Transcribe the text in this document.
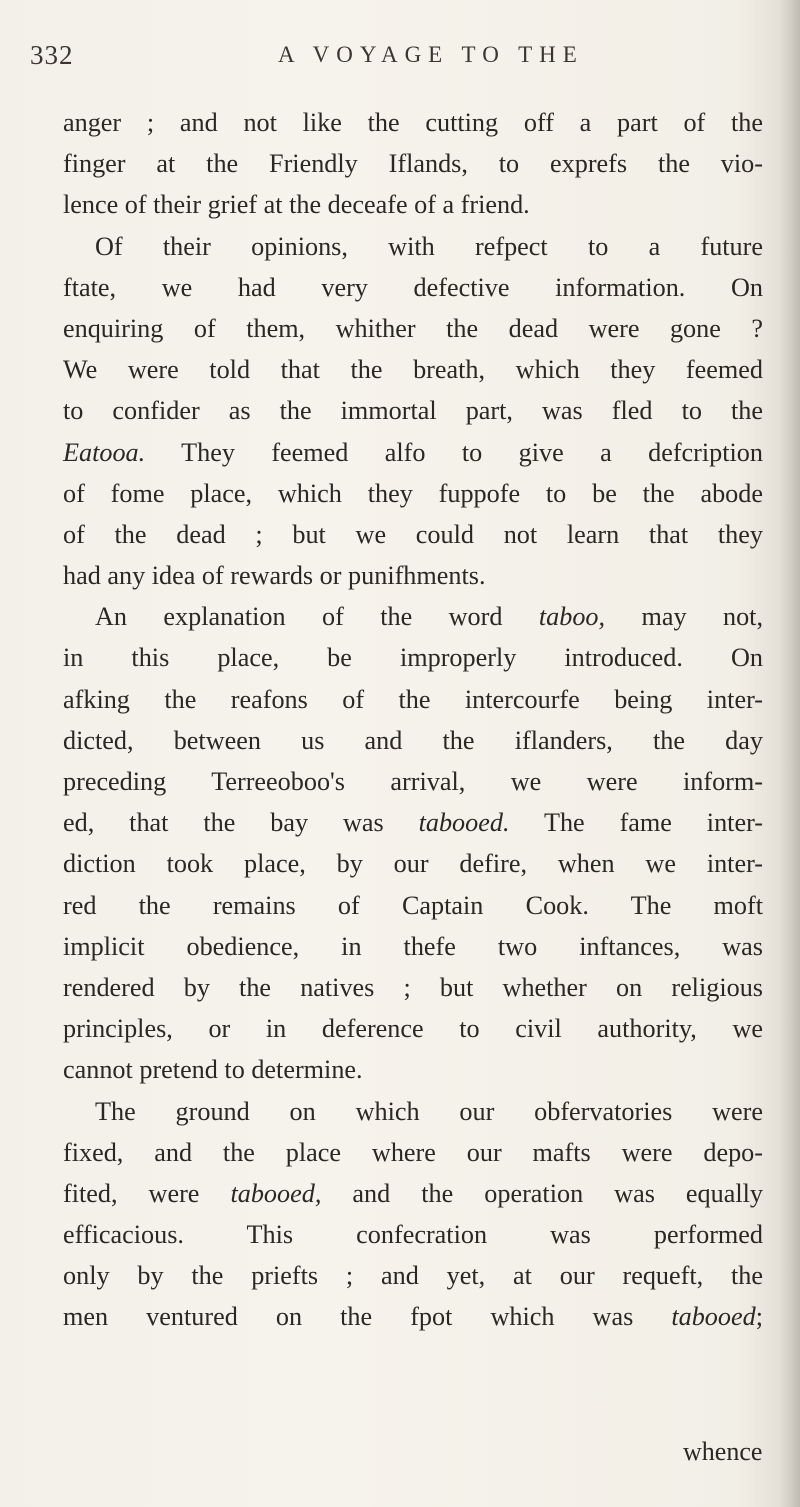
332	A VOYAGE TO THE
anger ; and not like the cutting off a part of the
finger at the Friendly Iflands, to exprefs the vio-
lence of their grief at the deceafe of a friend.
Of their opinions, with refpect to a future
ftate, we had very defective information. On
enquiring of them, whither the dead were gone ?
We were told that the breath, which they feemed
to confider as the immortal part, was fled to the
Eatooa. They feemed alfo to give a defcription
of fome place, which they fuppofe to be the abode
of the dead ; but we could not learn that they
had any idea of rewards or punifhments.
An explanation of the word taboo, may not,
in this place, be improperly introduced. On
afking the reafons of the intercourfe being inter-
dicted, between us and the iflanders, the day
preceding Terreeoboo's arrival, we were inform-
ed, that the bay was tabooed. The fame inter-
diction took place, by our defire, when we inter-
red the remains of Captain Cook. The moft
implicit obedience, in thefe two inftances, was
rendered by the natives ; but whether on religious
principles, or in deference to civil authority, we
cannot pretend to determine.
The ground on which our obfervatories were
fixed, and the place where our mafts were depo-
fited, were tabooed, and the operation was equally
efficacious. This confecration was performed
only by the priefts ; and yet, at our requeft, the
men ventured on the fpot which was tabooed;
whence
